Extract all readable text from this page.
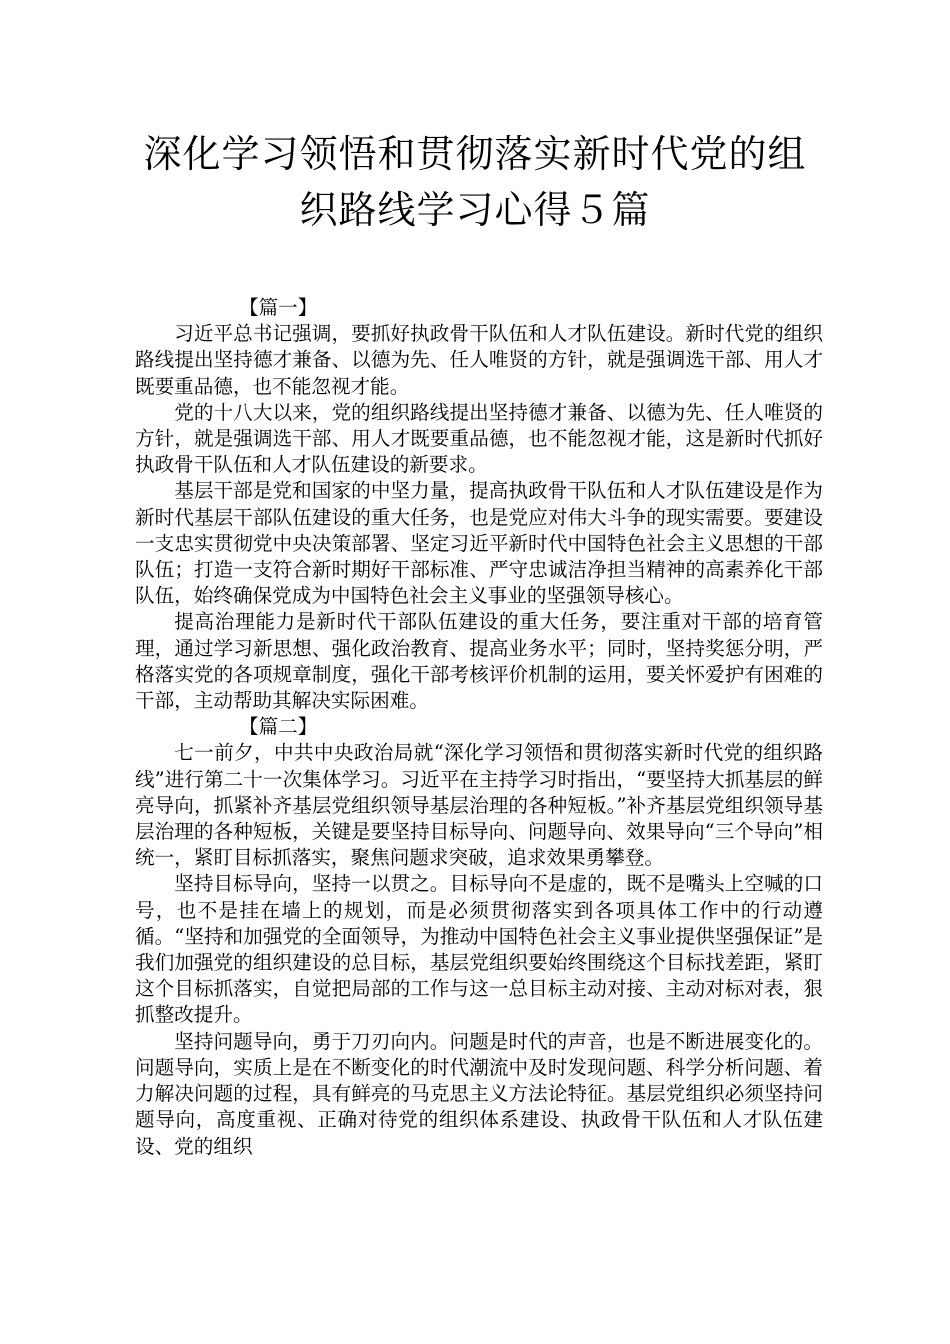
深化学习领悟和贯彻落实新时代党的组
织路线学习心得５篇

【篇一】

习近平总书记强调，要抓好执政骨干队伍和人才队伍建设。新时代党的组织路线提出坚持德才兼备、以德为先、任人唯贤的方针，就是强调选干部、用人才既要重品德，也不能忽视才能。

党的十八大以来，党的组织路线提出坚持德才兼备、以德为先、任人唯贤的方针，就是强调选干部、用人才既要重品德，也不能忽视才能，这是新时代抓好执政骨干队伍和人才队伍建设的新要求。

基层干部是党和国家的中坚力量，提高执政骨干队伍和人才队伍建设是作为新时代基层干部队伍建设的重大任务，也是党应对伟大斗争的现实需要。要建设一支忠实贯彻党中央决策部署、坚定习近平新时代中国特色社会主义思想的干部队伍；打造一支符合新时期好干部标准、严守忠诚洁净担当精神的高素养化干部队伍，始终确保党成为中国特色社会主义事业的坚强领导核心。

提高治理能力是新时代干部队伍建设的重大任务，要注重对干部的培育管理，通过学习新思想、强化政治教育、提高业务水平；同时，坚持奖惩分明，严格落实党的各项规章制度，强化干部考核评价机制的运用，要关怀爱护有困难的干部，主动帮助其解决实际困难。

【篇二】

七一前夕，中共中央政治局就“深化学习领悟和贯彻落实新时代党的组织路线”进行第二十一次集体学习。习近平在主持学习时指出，“要坚持大抓基层的鲜亮导向，抓紧补齐基层党组织领导基层治理的各种短板。”补齐基层党组织领导基层治理的各种短板，关键是要坚持目标导向、问题导向、效果导向“三个导向”相统一，紧盯目标抓落实，聚焦问题求突破，追求效果勇攀登。

坚持目标导向，坚持一以贯之。目标导向不是虚的，既不是嘴头上空喊的口号，也不是挂在墙上的规划，而是必须贯彻落实到各项具体工作中的行动遵循。“坚持和加强党的全面领导，为推动中国特色社会主义事业提供坚强保证”是我们加强党的组织建设的总目标，基层党组织要始终围绕这个目标找差距，紧盯这个目标抓落实，自觉把局部的工作与这一总目标主动对接、主动对标对表，狠抓整改提升。

坚持问题导向，勇于刀刃向内。问题是时代的声音，也是不断进展变化的。问题导向，实质上是在不断变化的时代潮流中及时发现问题、科学分析问题、着力解决问题的过程，具有鲜亮的马克思主义方法论特征。基层党组织必须坚持问题导向，高度重视、正确对待党的组织体系建设、执政骨干队伍和人才队伍建设、党的组织
